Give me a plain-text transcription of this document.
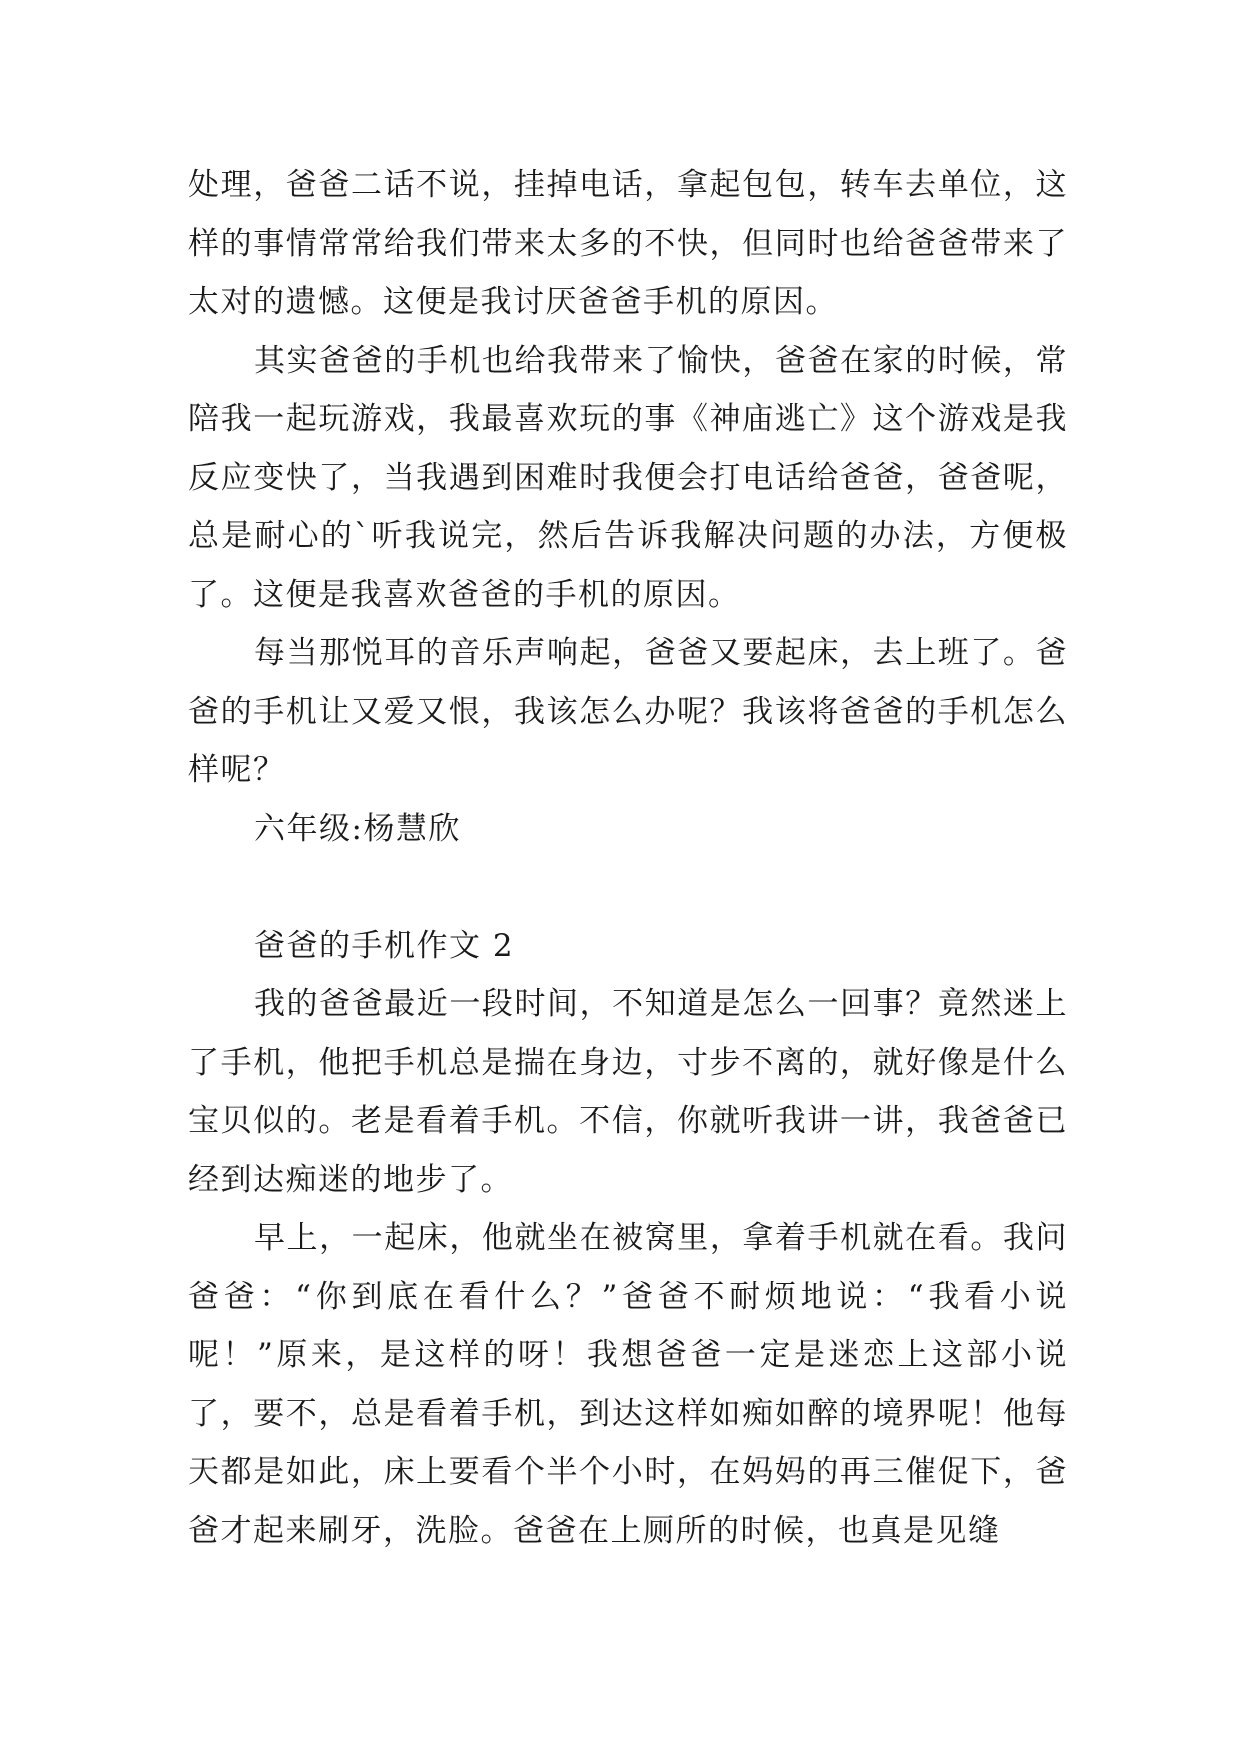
处理，爸爸二话不说，挂掉电话，拿起包包，转车去单位，这样的事情常常给我们带来太多的不快，但同时也给爸爸带来了太对的遗憾。这便是我讨厌爸爸手机的原因。

其实爸爸的手机也给我带来了愉快，爸爸在家的时候，常陪我一起玩游戏，我最喜欢玩的事《神庙逃亡》这个游戏是我反应变快了，当我遇到困难时我便会打电话给爸爸，爸爸呢，总是耐心的`听我说完，然后告诉我解决问题的办法，方便极了。这便是我喜欢爸爸的手机的原因。

每当那悦耳的音乐声响起，爸爸又要起床，去上班了。爸爸的手机让又爱又恨，我该怎么办呢？我该将爸爸的手机怎么样呢？

六年级:杨慧欣

爸爸的手机作文 2

我的爸爸最近一段时间，不知道是怎么一回事？竟然迷上了手机，他把手机总是揣在身边，寸步不离的，就好像是什么宝贝似的。老是看着手机。不信，你就听我讲一讲，我爸爸已经到达痴迷的地步了。

早上，一起床，他就坐在被窝里，拿着手机就在看。我问爸爸：“你到底在看什么？”爸爸不耐烦地说：“我看小说呢！”原来，是这样的呀！我想爸爸一定是迷恋上这部小说了，要不，总是看着手机，到达这样如痴如醉的境界呢！他每天都是如此，床上要看个半个小时，在妈妈的再三催促下，爸爸才起来刷牙，洗脸。爸爸在上厕所的时候，也真是见缝
